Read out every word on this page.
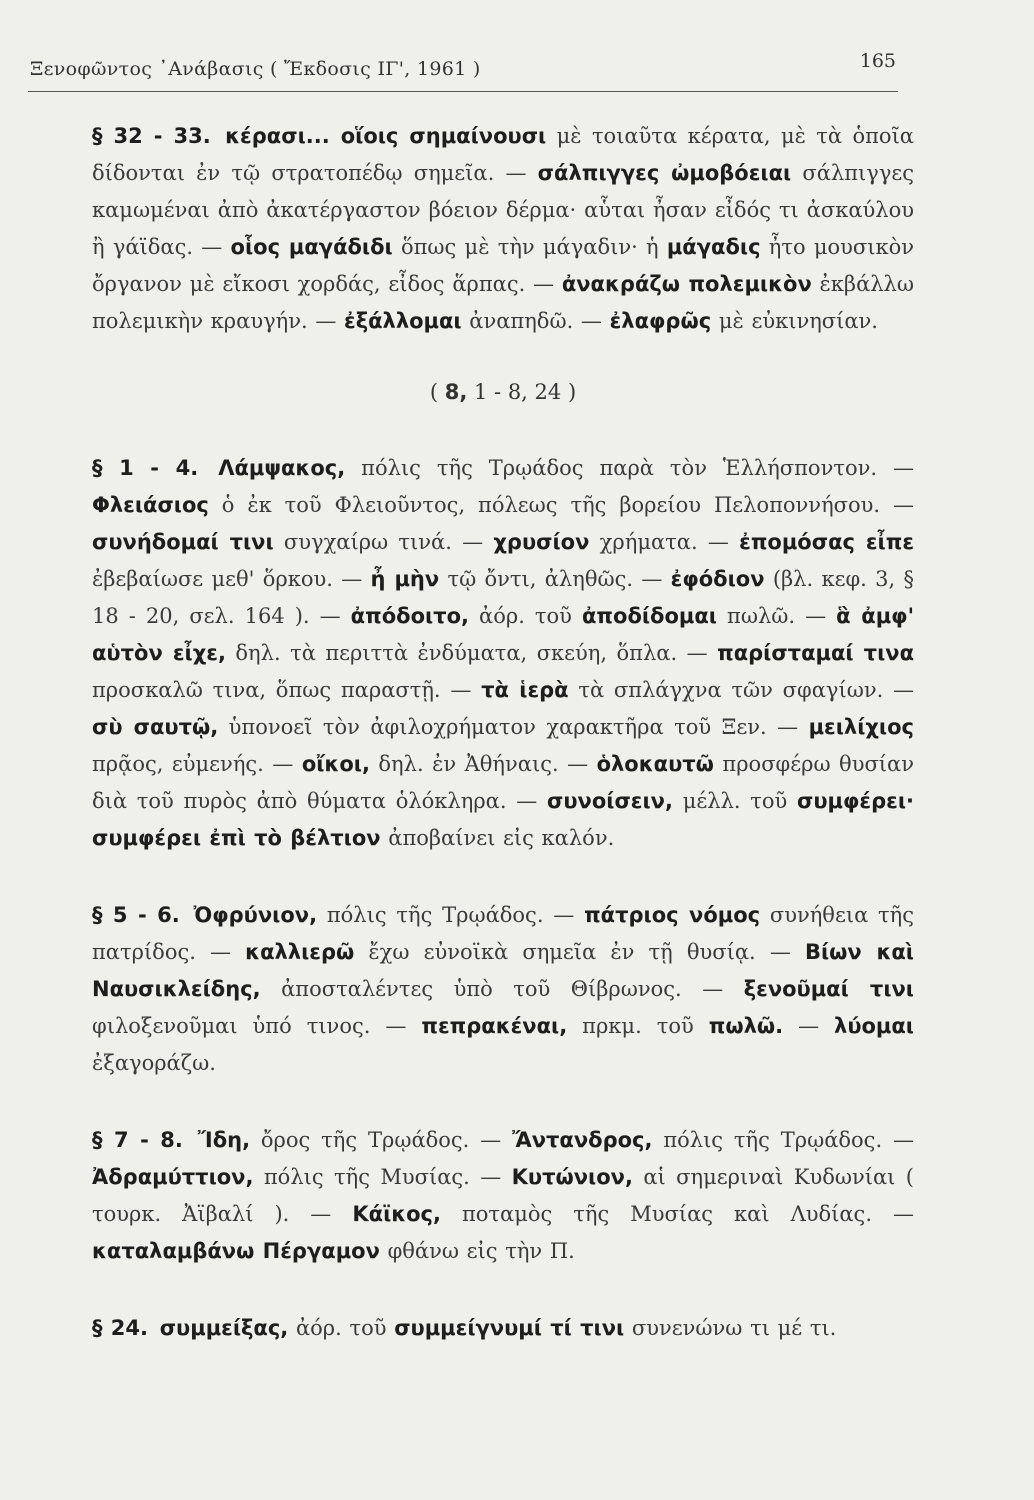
Ξενοφῶντος ᾿Ανάβασις ( Ἔκδοσις ΙΓ', 1961 )	165

§ 32 - 33. κέρασι... οἵοις σημαίνουσι μὲ τοιαῦτα κέρατα, μὲ τὰ ὁποῖα δίδονται ἐν τῷ στρατοπέδῳ σημεῖα. — σάλπιγγες ὠμοβόειαι σάλπιγγες καμωμέναι ἀπὸ ἀκατέργαστον βόειον δέρμα· αὗται ἦσαν εἶδός τι ἀσκαύλου ἢ γάϊδας. — οἷος μαγάδιδι ὅπως μὲ τὴν μάγαδιν· ἡ μάγαδις ἦτο μουσικὸν ὄργανον μὲ εἴκοσι χορδάς, εἶδος ἅρπας. — ἀνακράζω πολεμικὸν ἐκβάλλω πολεμικὴν κραυγήν. — ἐξάλλομαι ἀναπηδῶ. — ἐλαφρῶς μὲ εὐκινησίαν.

( 8, 1 - 8, 24 )

§ 1 - 4. Λάμψακος, πόλις τῆς Τρῳάδος παρὰ τὸν Ἑλλήσποντον. — Φλειάσιος ὁ ἐκ τοῦ Φλειοῦντος, πόλεως τῆς βορείου Πελοποννήσου. — συνήδομαί τινι συγχαίρω τινά. — χρυσίον χρήματα. — ἐπομόσας εἶπε ἐβεβαίωσε μεθ' ὅρκου. — ἦ μὴν τῷ ὄντι, ἀληθῶς. — ἐφόδιον (βλ. κεφ. 3, § 18 - 20, σελ. 164 ). — ἀπόδοιτο, ἀόρ. τοῦ ἀποδίδομαι πωλῶ. — ἃ ἀμφ' αὑτὸν εἶχε, δηλ. τὰ περιττὰ ἐνδύματα, σκεύη, ὅπλα. — παρίσταμαί τινα προσκαλῶ τινα, ὅπως παραστῇ. — τὰ ἱερὰ τὰ σπλάγχνα τῶν σφαγίων. — σὺ σαυτῷ, ὑπονοεῖ τὸν ἀφιλοχρήματον χαρακτῆρα τοῦ Ξεν. — μειλίχιος πρᾷος, εὐμενής. — οἴκοι, δηλ. ἐν Ἀθήναις. — ὁλοκαυτῶ προσφέρω θυσίαν διὰ τοῦ πυρὸς ἀπὸ θύματα ὁλόκληρα. — συνοίσειν, μέλλ. τοῦ συμφέρει· συμφέρει ἐπὶ τὸ βέλτιον ἀποβαίνει εἰς καλόν.

§ 5 - 6. Ὀφρύνιον, πόλις τῆς Τρῳάδος. — πάτριος νόμος συνήθεια τῆς πατρίδος. — καλλιερῶ ἔχω εὐνοϊκὰ σημεῖα ἐν τῇ θυσίᾳ. — Βίων καὶ Ναυσικλείδης, ἀποσταλέντες ὑπὸ τοῦ Θίβρωνος. — ξενοῦμαί τινι φιλοξενοῦμαι ὑπό τινος. — πεπρακέναι, πρκμ. τοῦ πωλῶ. — λύομαι ἐξαγοράζω.

§ 7 - 8. Ἴδη, ὄρος τῆς Τρῳάδος. — Ἄντανδρος, πόλις τῆς Τρῳάδος. — Ἀδραμύττιον, πόλις τῆς Μυσίας. — Κυτώνιον, αἱ σημεριναὶ Κυδωνίαι ( τουρκ. Ἀϊβαλί ). — Κάϊκος, ποταμὸς τῆς Μυσίας καὶ Λυδίας. — καταλαμβάνω Πέργαμον φθάνω εἰς τὴν Π.

§ 24. συμμείξας, ἀόρ. τοῦ συμμείγνυμί τί τινι συνενώνω τι μέ τι.
